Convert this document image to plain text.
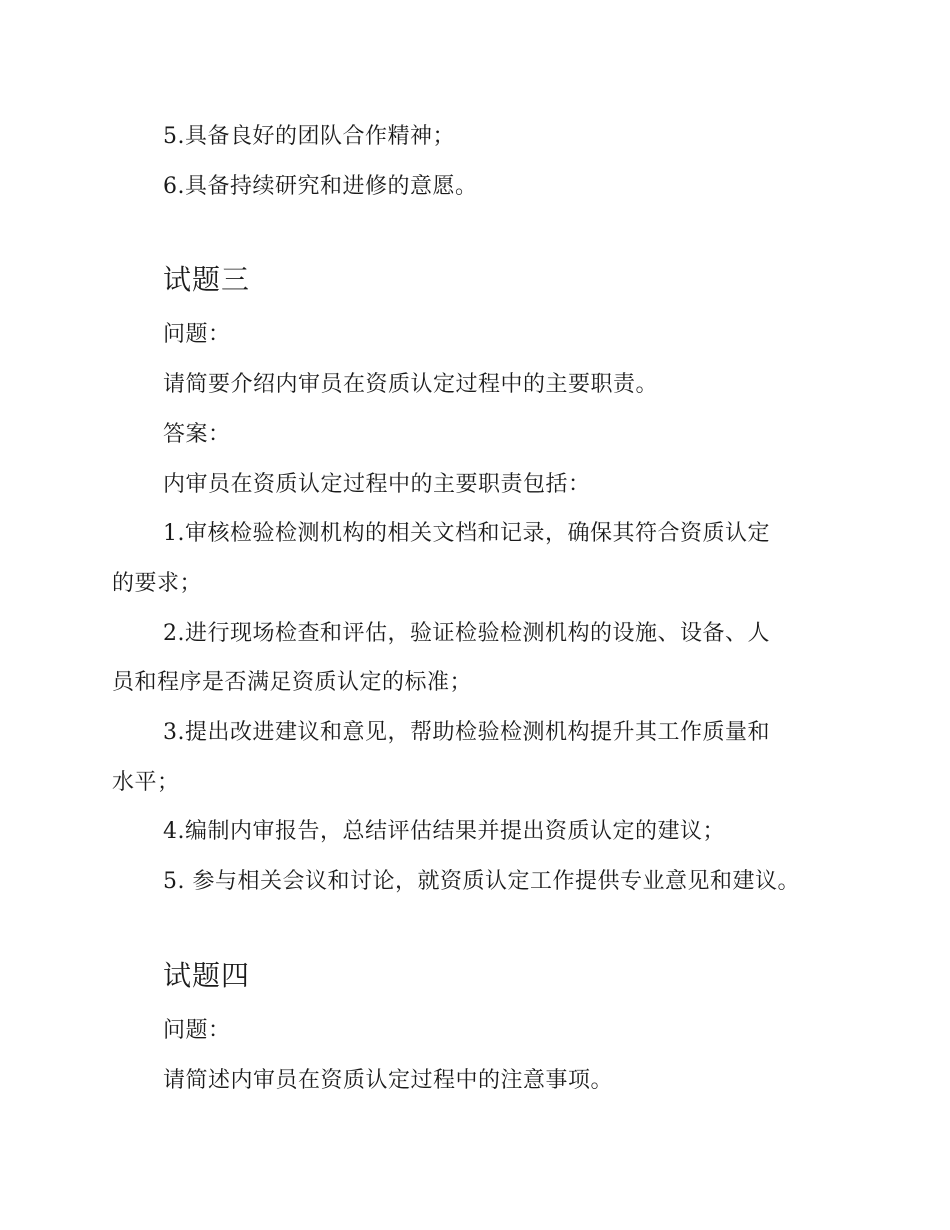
5.具备良好的团队合作精神；
6.具备持续研究和进修的意愿。
试题三
问题：
请简要介绍内审员在资质认定过程中的主要职责。
答案：
内审员在资质认定过程中的主要职责包括：
1.审核检验检测机构的相关文档和记录，确保其符合资质认定
的要求；
2.进行现场检查和评估，验证检验检测机构的设施、设备、人
员和程序是否满足资质认定的标准；
3.提出改进建议和意见，帮助检验检测机构提升其工作质量和
水平；
4.编制内审报告，总结评估结果并提出资质认定的建议；
5. 参与相关会议和讨论，就资质认定工作提供专业意见和建议。
试题四
问题：
请简述内审员在资质认定过程中的注意事项。
